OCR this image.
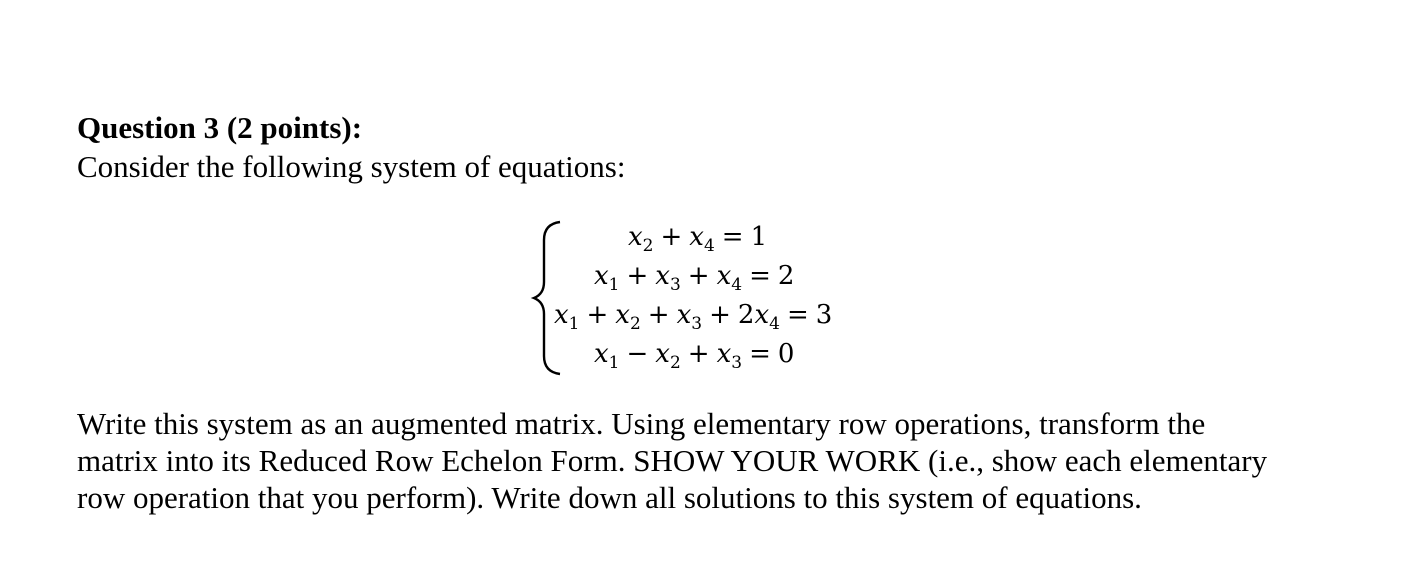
Question 3 (2 points):
Consider the following system of equations:
$x_2 + x_4 = 1$
$x_1 + x_3 + x_4 = 2$
$x_1 + x_2 + x_3 + 2x_4 = 3$
$x_1 - x_2 + x_3 = 0$
Write this system as an augmented matrix. Using elementary row operations, transform the
matrix into its Reduced Row Echelon Form. SHOW YOUR WORK (i.e., show each elementary
row operation that you perform). Write down all solutions to this system of equations.
